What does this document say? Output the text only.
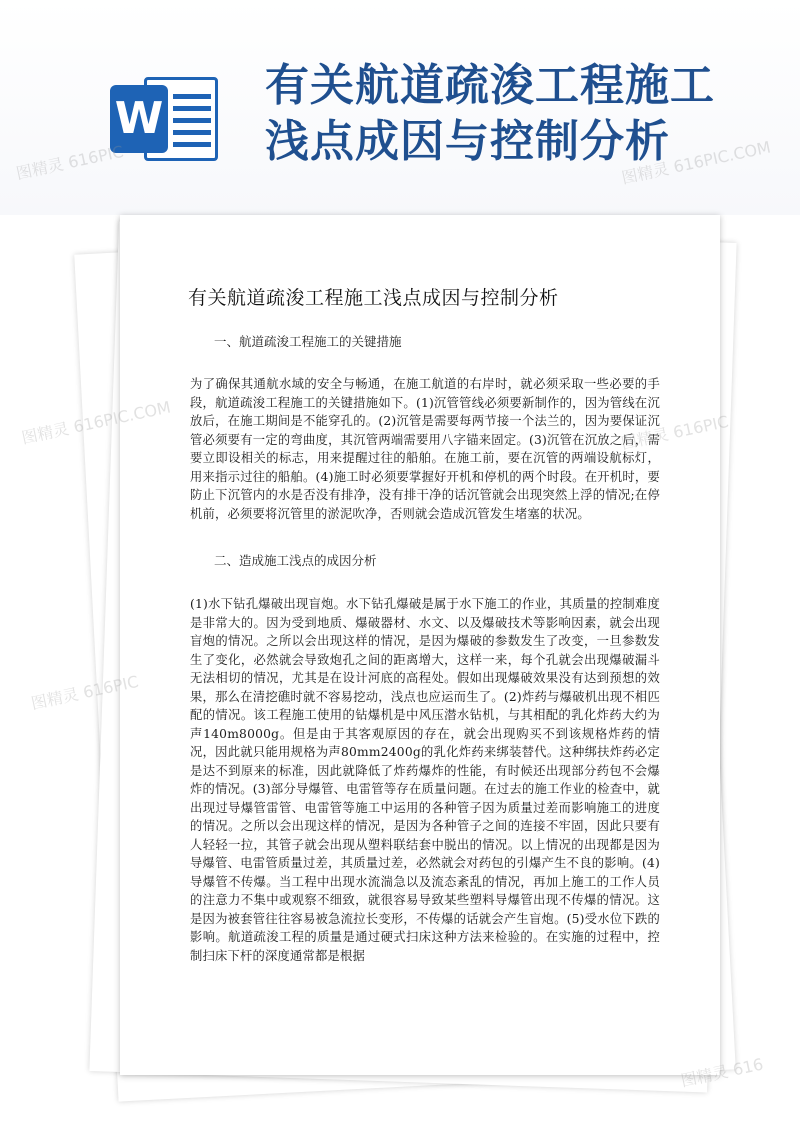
W
有关航道疏浚工程施工
浅点成因与控制分析
有关航道疏浚工程施工浅点成因与控制分析
一、航道疏浚工程施工的关键措施
为了确保其通航水域的安全与畅通，在施工航道的右岸时，就必须采取一些必要的手段，航道疏浚工程施工的关键措施如下。(1)沉管管线必须要新制作的，因为管线在沉放后，在施工期间是不能穿孔的。(2)沉管是需要每两节接一个法兰的，因为要保证沉管必须要有一定的弯曲度，其沉管两端需要用八字锚来固定。(3)沉管在沉放之后，需要立即设相关的标志，用来提醒过往的船舶。在施工前，要在沉管的两端设航标灯，用来指示过往的船舶。(4)施工时必须要掌握好开机和停机的两个时段。在开机时，要防止下沉管内的水是否没有排净，没有排干净的话沉管就会出现突然上浮的情况;在停机前，必须要将沉管里的淤泥吹净，否则就会造成沉管发生堵塞的状况。
二、造成施工浅点的成因分析
(1)水下钻孔爆破出现盲炮。水下钻孔爆破是属于水下施工的作业，其质量的控制难度是非常大的。因为受到地质、爆破器材、水文、以及爆破技术等影响因素，就会出现盲炮的情况。之所以会出现这样的情况，是因为爆破的参数发生了改变，一旦参数发生了变化，必然就会导致炮孔之间的距离增大，这样一来，每个孔就会出现爆破漏斗无法相切的情况，尤其是在设计河底的高程处。假如出现爆破效果没有达到预想的效果，那么在清挖礁时就不容易挖动，浅点也应运而生了。(2)炸药与爆破机出现不相匹配的情况。该工程施工使用的钻爆机是中风压潜水钻机，与其相配的乳化炸药大约为声140m8000g。但是由于其客观原因的存在，就会出现购买不到该规格炸药的情况，因此就只能用规格为声80mm2400g的乳化炸药来绑装替代。这种绑扶炸药必定是达不到原来的标准，因此就降低了炸药爆炸的性能，有时候还出现部分药包不会爆炸的情况。(3)部分导爆管、电雷管等存在质量问题。在过去的施工作业的检查中，就出现过导爆管雷管、电雷管等施工中运用的各种管子因为质量过差而影响施工的进度的情况。之所以会出现这样的情况，是因为各种管子之间的连接不牢固，因此只要有人轻轻一拉，其管子就会出现从塑料联结套中脱出的情况。以上情况的出现都是因为导爆管、电雷管质量过差，其质量过差，必然就会对药包的引爆产生不良的影响。(4)导爆管不传爆。当工程中出现水流湍急以及流态紊乱的情况，再加上施工的工作人员的注意力不集中或观察不细致，就很容易导致某些塑料导爆管出现不传爆的情况。这是因为被套管往往容易被急流拉长变形，不传爆的话就会产生盲炮。(5)受水位下跌的影响。航道疏浚工程的质量是通过硬式扫床这种方法来检验的。在实施的过程中，控制扫床下杆的深度通常都是根据
图精灵 616PIC.COM
图精灵 616PIC
图精灵 616PIC.COM	图精灵 616PIC
图精灵 616PIC
图精灵 616
